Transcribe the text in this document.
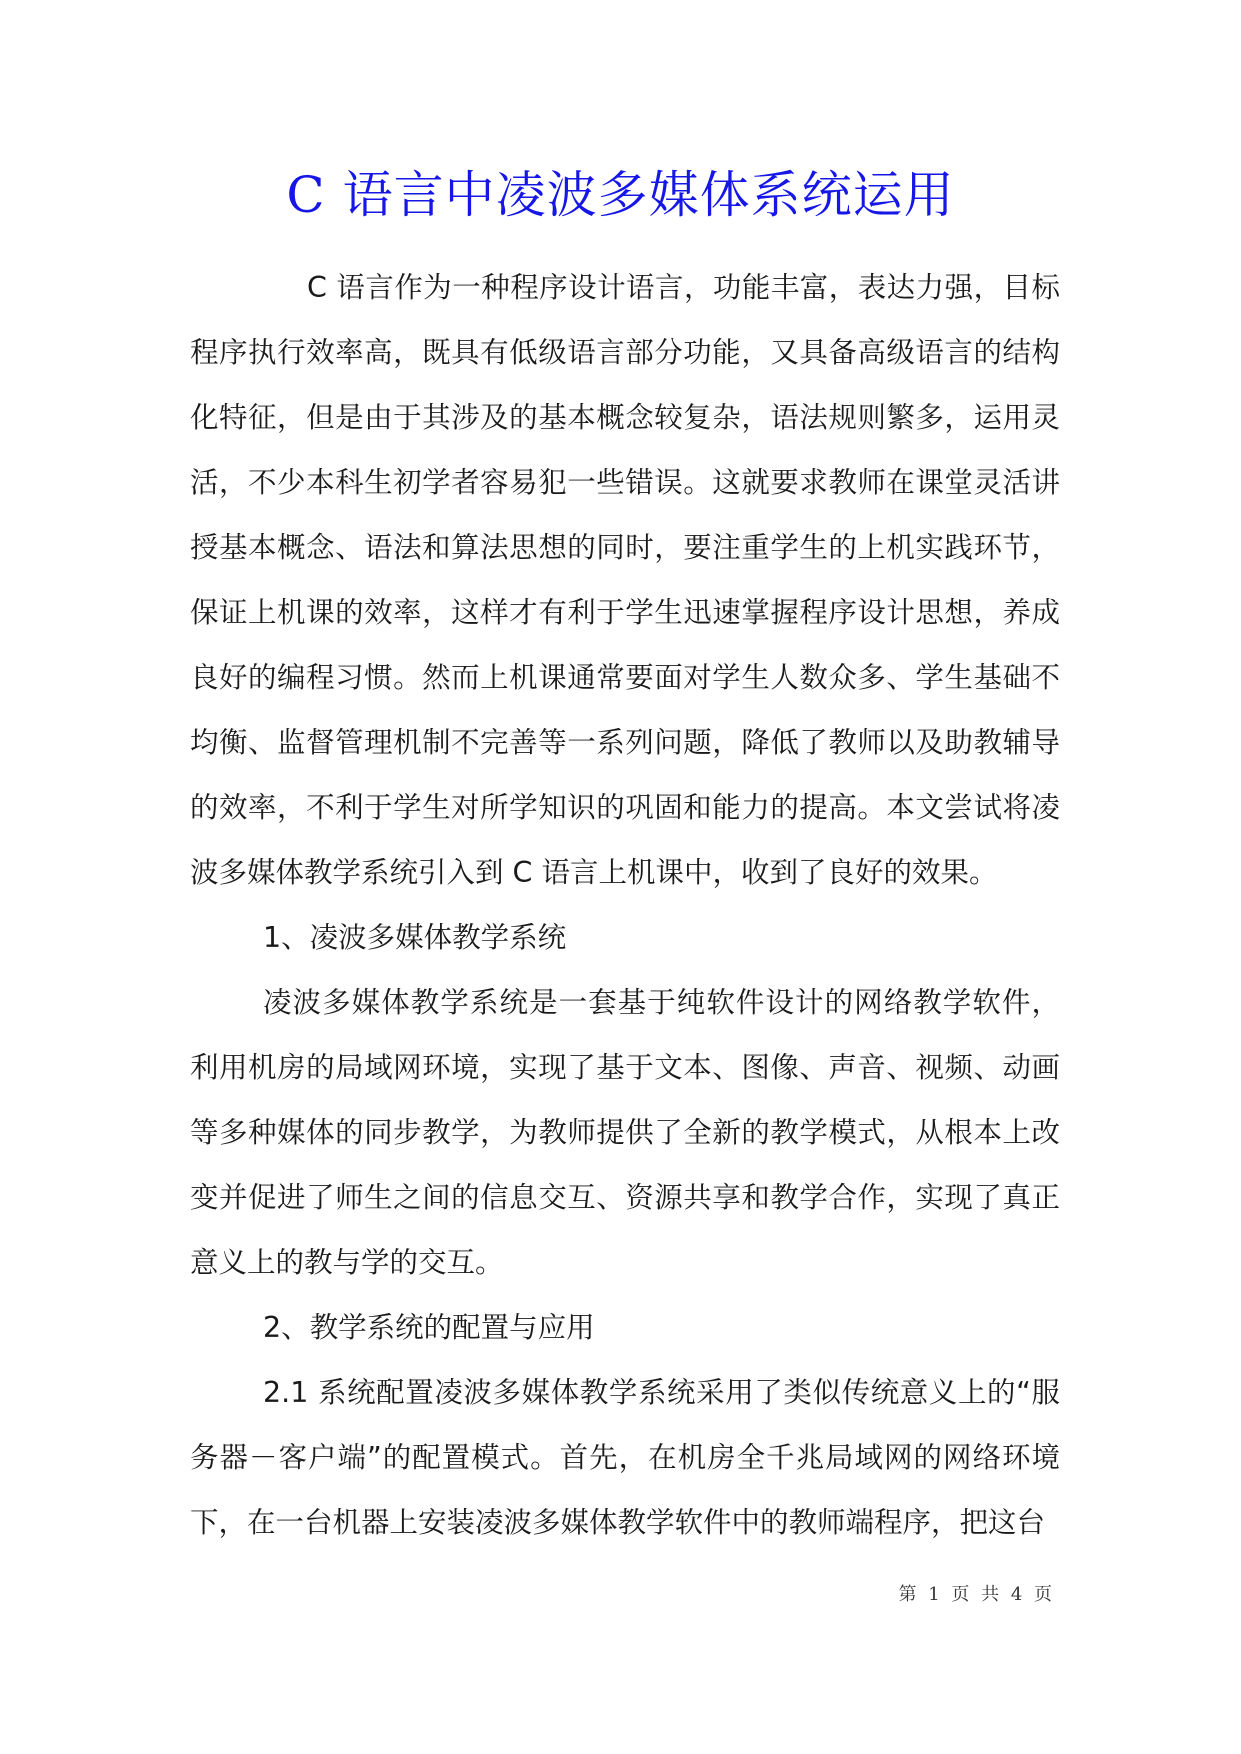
C 语言中凌波多媒体系统运用

C 语言作为一种程序设计语言，功能丰富，表达力强，目标程序执行效率高，既具有低级语言部分功能，又具备高级语言的结构化特征，但是由于其涉及的基本概念较复杂，语法规则繁多，运用灵活，不少本科生初学者容易犯一些错误。这就要求教师在课堂灵活讲授基本概念、语法和算法思想的同时，要注重学生的上机实践环节，保证上机课的效率，这样才有利于学生迅速掌握程序设计思想，养成良好的编程习惯。然而上机课通常要面对学生人数众多、学生基础不均衡、监督管理机制不完善等一系列问题，降低了教师以及助教辅导的效率，不利于学生对所学知识的巩固和能力的提高。本文尝试将凌波多媒体教学系统引入到 C 语言上机课中，收到了良好的效果。

1、凌波多媒体教学系统

凌波多媒体教学系统是一套基于纯软件设计的网络教学软件，利用机房的局域网环境，实现了基于文本、图像、声音、视频、动画等多种媒体的同步教学，为教师提供了全新的教学模式，从根本上改变并促进了师生之间的信息交互、资源共享和教学合作，实现了真正意义上的教与学的交互。

2、教学系统的配置与应用

2.1 系统配置凌波多媒体教学系统采用了类似传统意义上的“服务器－客户端”的配置模式。首先，在机房全千兆局域网的网络环境下，在一台机器上安装凌波多媒体教学软件中的教师端程序，把这台

第 1 页 共 4 页
